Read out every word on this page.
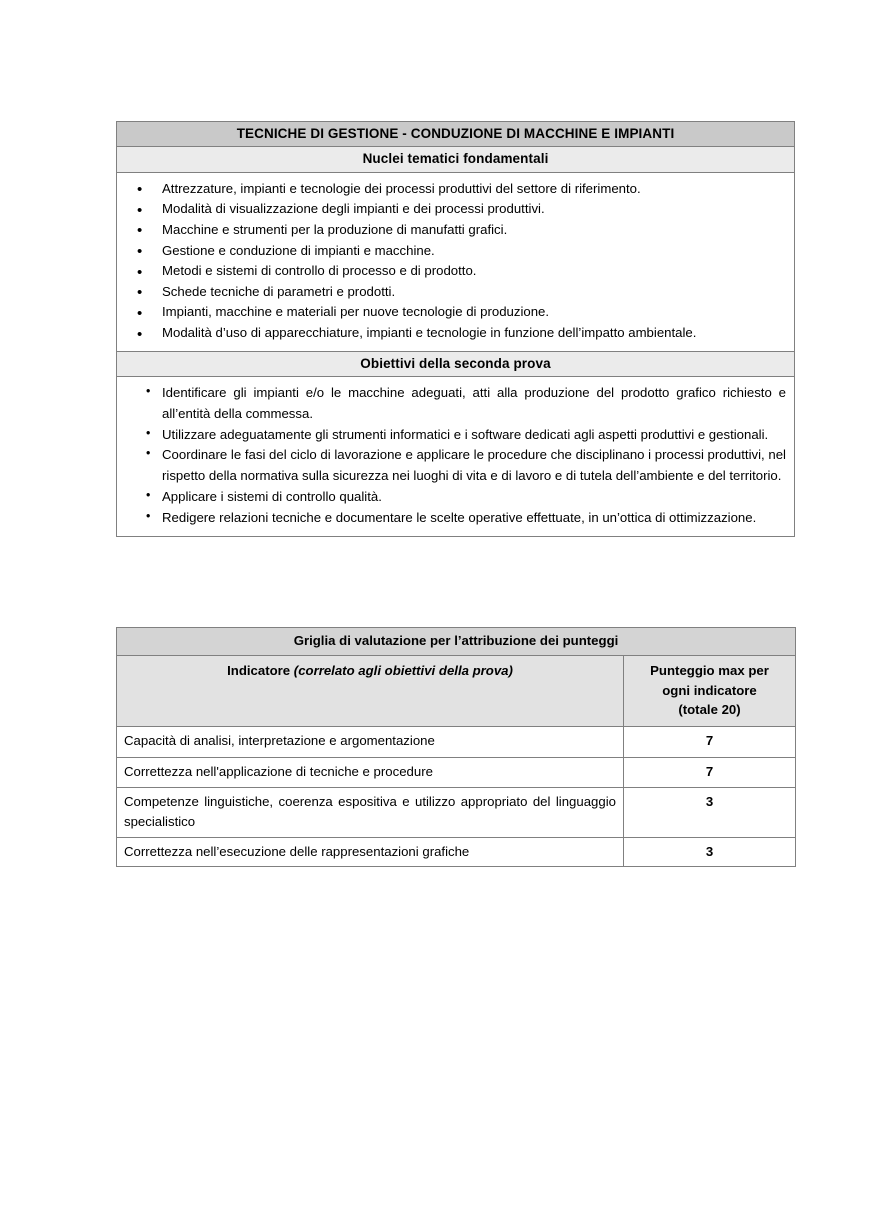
TECNICHE DI GESTIONE - CONDUZIONE DI MACCHINE E IMPIANTI
Nuclei tematici fondamentali

• Attrezzature, impianti e tecnologie dei processi produttivi del settore di riferimento.
• Modalità di visualizzazione degli impianti e dei processi produttivi.
• Macchine e strumenti per la produzione di manufatti grafici.
• Gestione e conduzione di impianti e macchine.
• Metodi e sistemi di controllo di processo e di prodotto.
• Schede tecniche di parametri e prodotti.
• Impianti, macchine e materiali per nuove tecnologie di produzione.
• Modalità d’uso di apparecchiature, impianti e tecnologie in funzione dell’impatto ambientale.

Obiettivi della seconda prova

• Identificare gli impianti e/o le macchine adeguati, atti alla produzione del prodotto grafico richiesto e all’entità della commessa.
• Utilizzare adeguatamente gli strumenti informatici e i software dedicati agli aspetti produttivi e gestionali.
• Coordinare le fasi del ciclo di lavorazione e applicare le procedure che disciplinano i processi produttivi, nel rispetto della normativa sulla sicurezza nei luoghi di vita e di lavoro e di tutela dell’ambiente e del territorio.
• Applicare i sistemi di controllo qualità.
• Redigere relazioni tecniche e documentare le scelte operative effettuate, in un’ottica di ottimizzazione.
Griglia di valutazione per l’attribuzione dei punteggi	
Indicatore (correlato agli obiettivi della prova)	Punteggio max per
ogni indicatore
(totale 20)
Capacità di analisi, interpretazione e argomentazione	7
Correttezza nell'applicazione di tecniche e procedure	7
Competenze linguistiche, coerenza espositiva e utilizzo appropriato del linguaggio specialistico	3
Correttezza nell’esecuzione delle rappresentazioni grafiche	3
